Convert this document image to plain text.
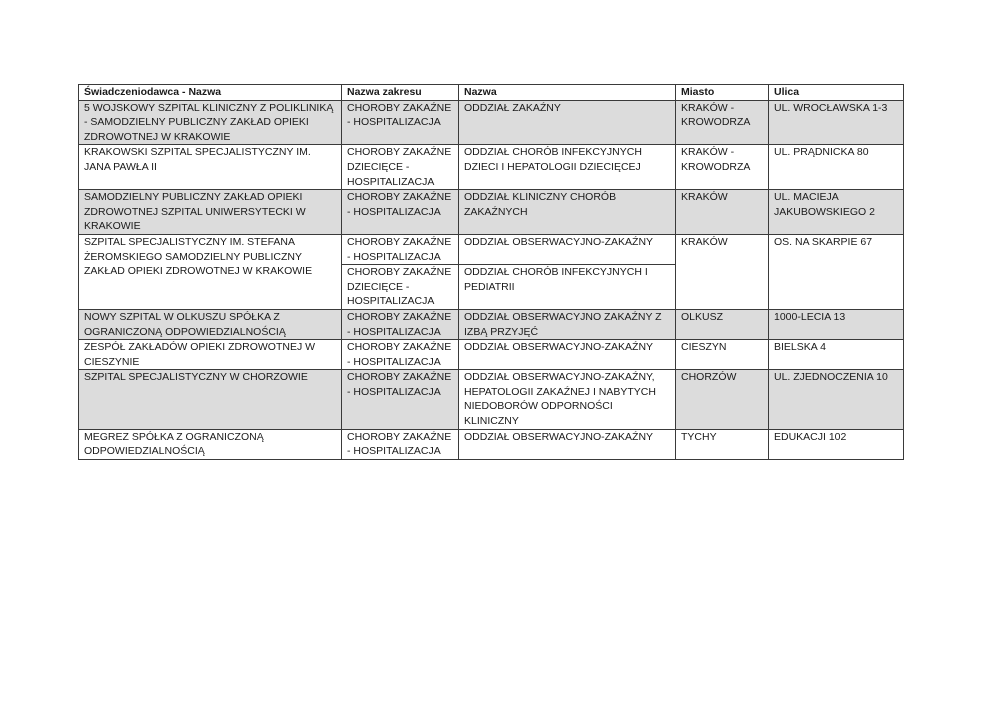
Świadczeniodawca - Nazwa	Nazwa zakresu	Nazwa	Miasto	Ulica
5 WOJSKOWY SZPITAL KLINICZNY Z POLIKLINIKĄ - SAMODZIELNY PUBLICZNY ZAKŁAD OPIEKI ZDROWOTNEJ W KRAKOWIE	CHOROBY ZAKAŹNE - HOSPITALIZACJA	ODDZIAŁ ZAKAŹNY	KRAKÓW - KROWODRZA	UL. WROCŁAWSKA 1-3
KRAKOWSKI SZPITAL SPECJALISTYCZNY IM. JANA PAWŁA II	CHOROBY ZAKAŹNE DZIECIĘCE - HOSPITALIZACJA	ODDZIAŁ CHORÓB INFEKCYJNYCH DZIECI I HEPATOLOGII DZIECIĘCEJ	KRAKÓW - KROWODRZA	UL. PRĄDNICKA 80
SAMODZIELNY PUBLICZNY ZAKŁAD OPIEKI ZDROWOTNEJ SZPITAL UNIWERSYTECKI W KRAKOWIE	CHOROBY ZAKAŹNE - HOSPITALIZACJA	ODDZIAŁ KLINICZNY CHORÓB ZAKAŹNYCH	KRAKÓW	UL. MACIEJA JAKUBOWSKIEGO 2
SZPITAL SPECJALISTYCZNY IM. STEFANA ŻEROMSKIEGO SAMODZIELNY PUBLICZNY ZAKŁAD OPIEKI ZDROWOTNEJ W KRAKOWIE	CHOROBY ZAKAŹNE - HOSPITALIZACJA	ODDZIAŁ OBSERWACYJNO-ZAKAŹNY	KRAKÓW	OS. NA SKARPIE 67
	CHOROBY ZAKAŹNE DZIECIĘCE - HOSPITALIZACJA	ODDZIAŁ CHORÓB INFEKCYJNYCH I PEDIATRII		
NOWY SZPITAL W OLKUSZU SPÓŁKA Z OGRANICZONĄ ODPOWIEDZIALNOŚCIĄ	CHOROBY ZAKAŹNE - HOSPITALIZACJA	ODDZIAŁ OBSERWACYJNO ZAKAŹNY Z IZBĄ PRZYJĘĆ	OLKUSZ	1000-LECIA 13
ZESPÓŁ ZAKŁADÓW OPIEKI ZDROWOTNEJ W CIESZYNIE	CHOROBY ZAKAŹNE - HOSPITALIZACJA	ODDZIAŁ OBSERWACYJNO-ZAKAŹNY	CIESZYN	BIELSKA 4
SZPITAL SPECJALISTYCZNY W CHORZOWIE	CHOROBY ZAKAŹNE - HOSPITALIZACJA	ODDZIAŁ OBSERWACYJNO-ZAKAŹNY, HEPATOLOGII ZAKAŹNEJ I NABYTYCH NIEDOBORÓW ODPORNOŚCI KLINICZNY	CHORZÓW	UL. ZJEDNOCZENIA 10
MEGREZ SPÓŁKA Z OGRANICZONĄ ODPOWIEDZIALNOŚCIĄ	CHOROBY ZAKAŹNE - HOSPITALIZACJA	ODDZIAŁ OBSERWACYJNO-ZAKAŹNY	TYCHY	EDUKACJI 102
